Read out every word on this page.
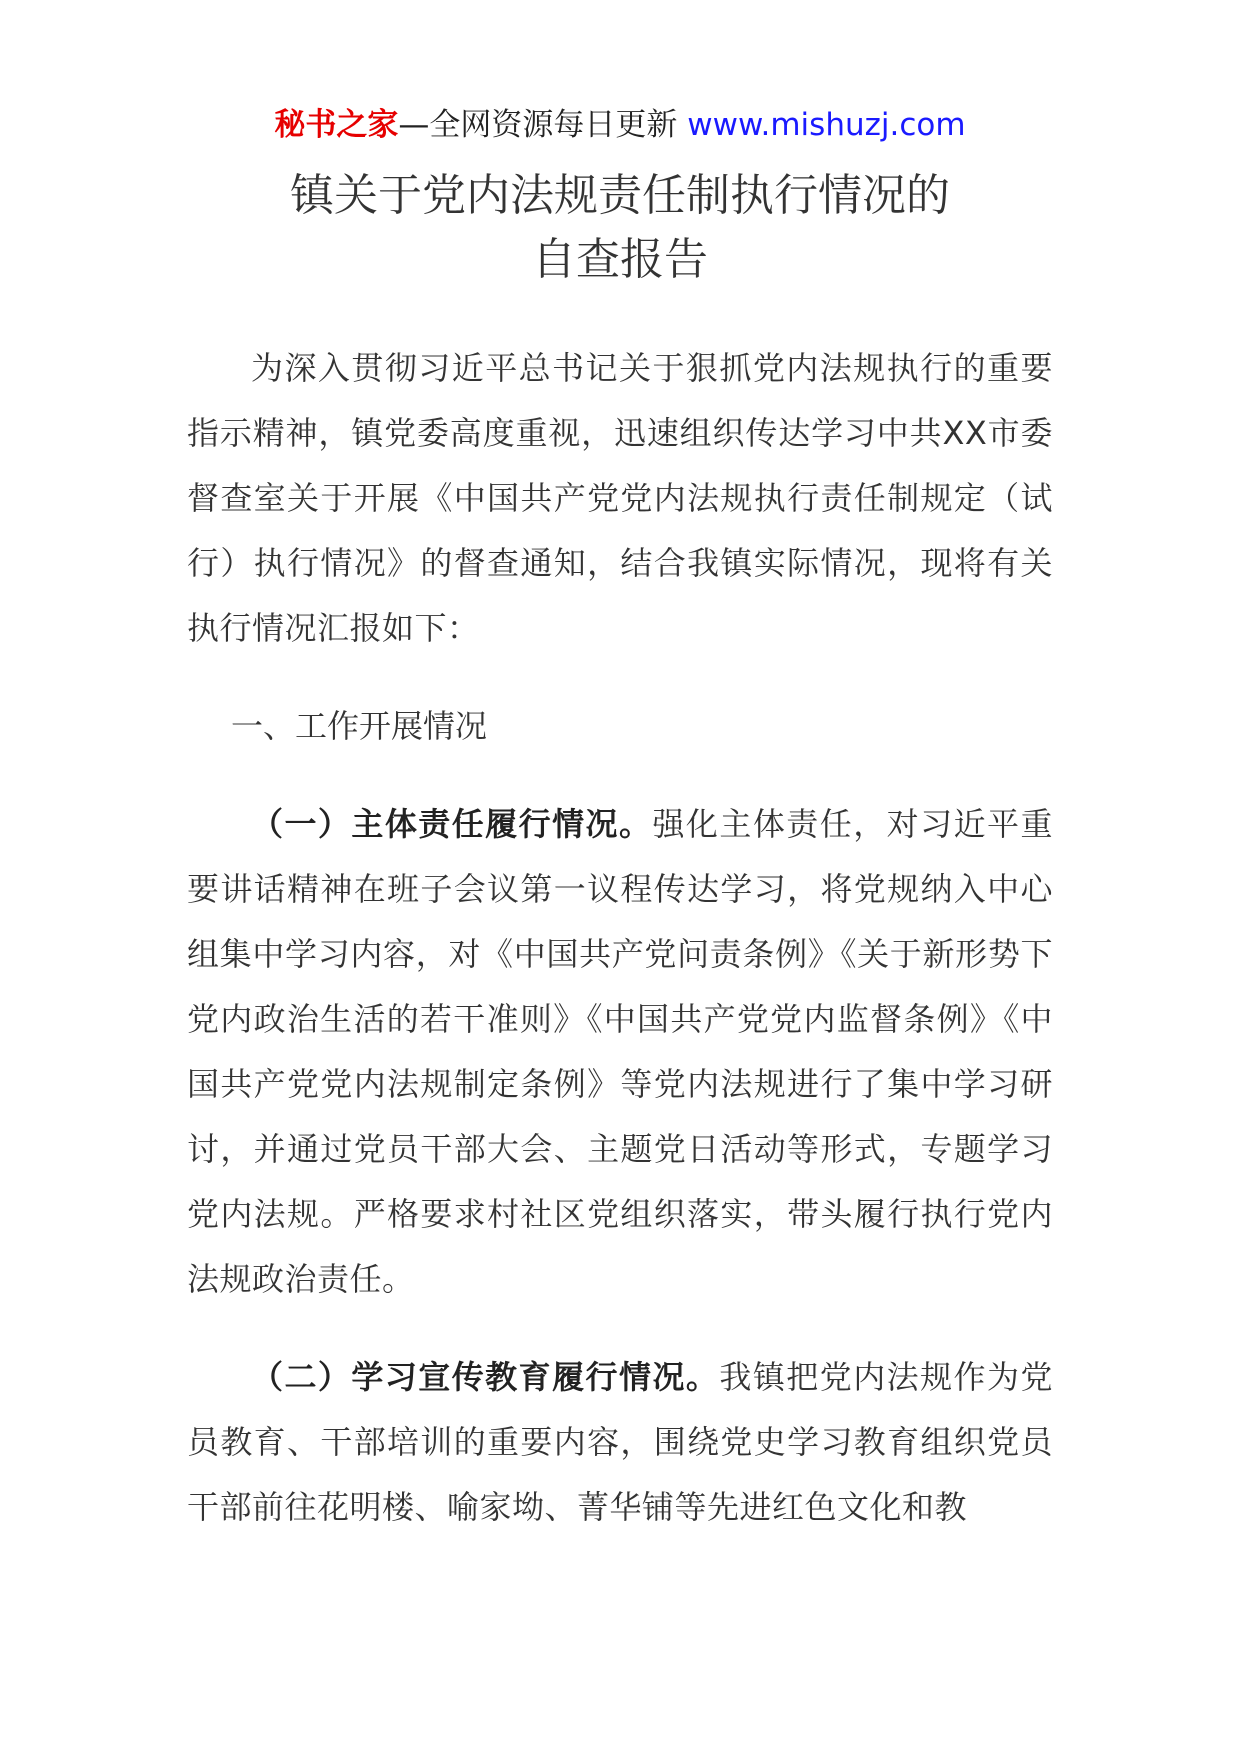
秘书之家—全网资源每日更新 www.mishuzj.com
镇关于党内法规责任制执行情况的
自查报告

为深入贯彻习近平总书记关于狠抓党内法规执行的重要指示精神，镇党委高度重视，迅速组织传达学习中共XX市委督查室关于开展《中国共产党党内法规执行责任制规定（试行）执行情况》的督查通知，结合我镇实际情况，现将有关执行情况汇报如下：

一、工作开展情况

（一）主体责任履行情况。强化主体责任，对习近平重要讲话精神在班子会议第一议程传达学习，将党规纳入中心组集中学习内容，对《中国共产党问责条例》《关于新形势下党内政治生活的若干准则》《中国共产党党内监督条例》《中国共产党党内法规制定条例》等党内法规进行了集中学习研讨，并通过党员干部大会、主题党日活动等形式，专题学习党内法规。严格要求村社区党组织落实，带头履行执行党内法规政治责任。

（二）学习宣传教育履行情况。我镇把党内法规作为党员教育、干部培训的重要内容，围绕党史学习教育组织党员干部前往花明楼、喻家坳、菁华铺等先进红色文化和教
